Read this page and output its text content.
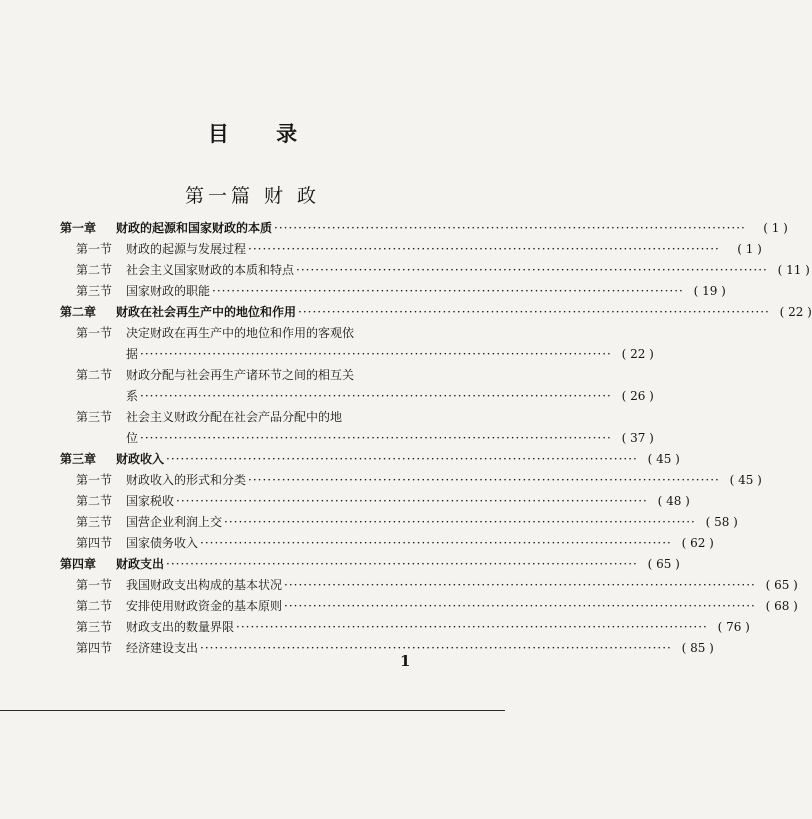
目 录
第一篇 财 政
第一章	财政的起源和国家财政的本质 ·····	( 1 )
第一节	财政的起源与发展过程 ·····	( 1 )
第二节	社会主义国家财政的本质和特点 ·····	( 11 )
第三节	国家财政的职能 ·····	( 19 )
第二章	财政在社会再生产中的地位和作用 ·····	( 22 )
第一节	决定财政在再生产中的地位和作用的客观依
据 ·····	( 22 )
第二节	财政分配与社会再生产诸环节之间的相互关
系 ·····	( 26 )
第三节	社会主义财政分配在社会产品分配中的地
位 ·····	( 37 )
第三章	财政收入 ·····	( 45 )
第一节	财政收入的形式和分类 ·····	( 45 )
第二节	国家税收 ·····	( 48 )
第三节	国营企业利润上交 ·····	( 58 )
第四节	国家债务收入 ·····	( 62 )
第四章	财政支出 ·····	( 65 )
第一节	我国财政支出构成的基本状况 ·····	( 65 )
第二节	安排使用财政资金的基本原则 ·····	( 68 )
第三节	财政支出的数量界限 ·····	( 76 )
第四节	经济建设支出 ·····	( 85 )
1
